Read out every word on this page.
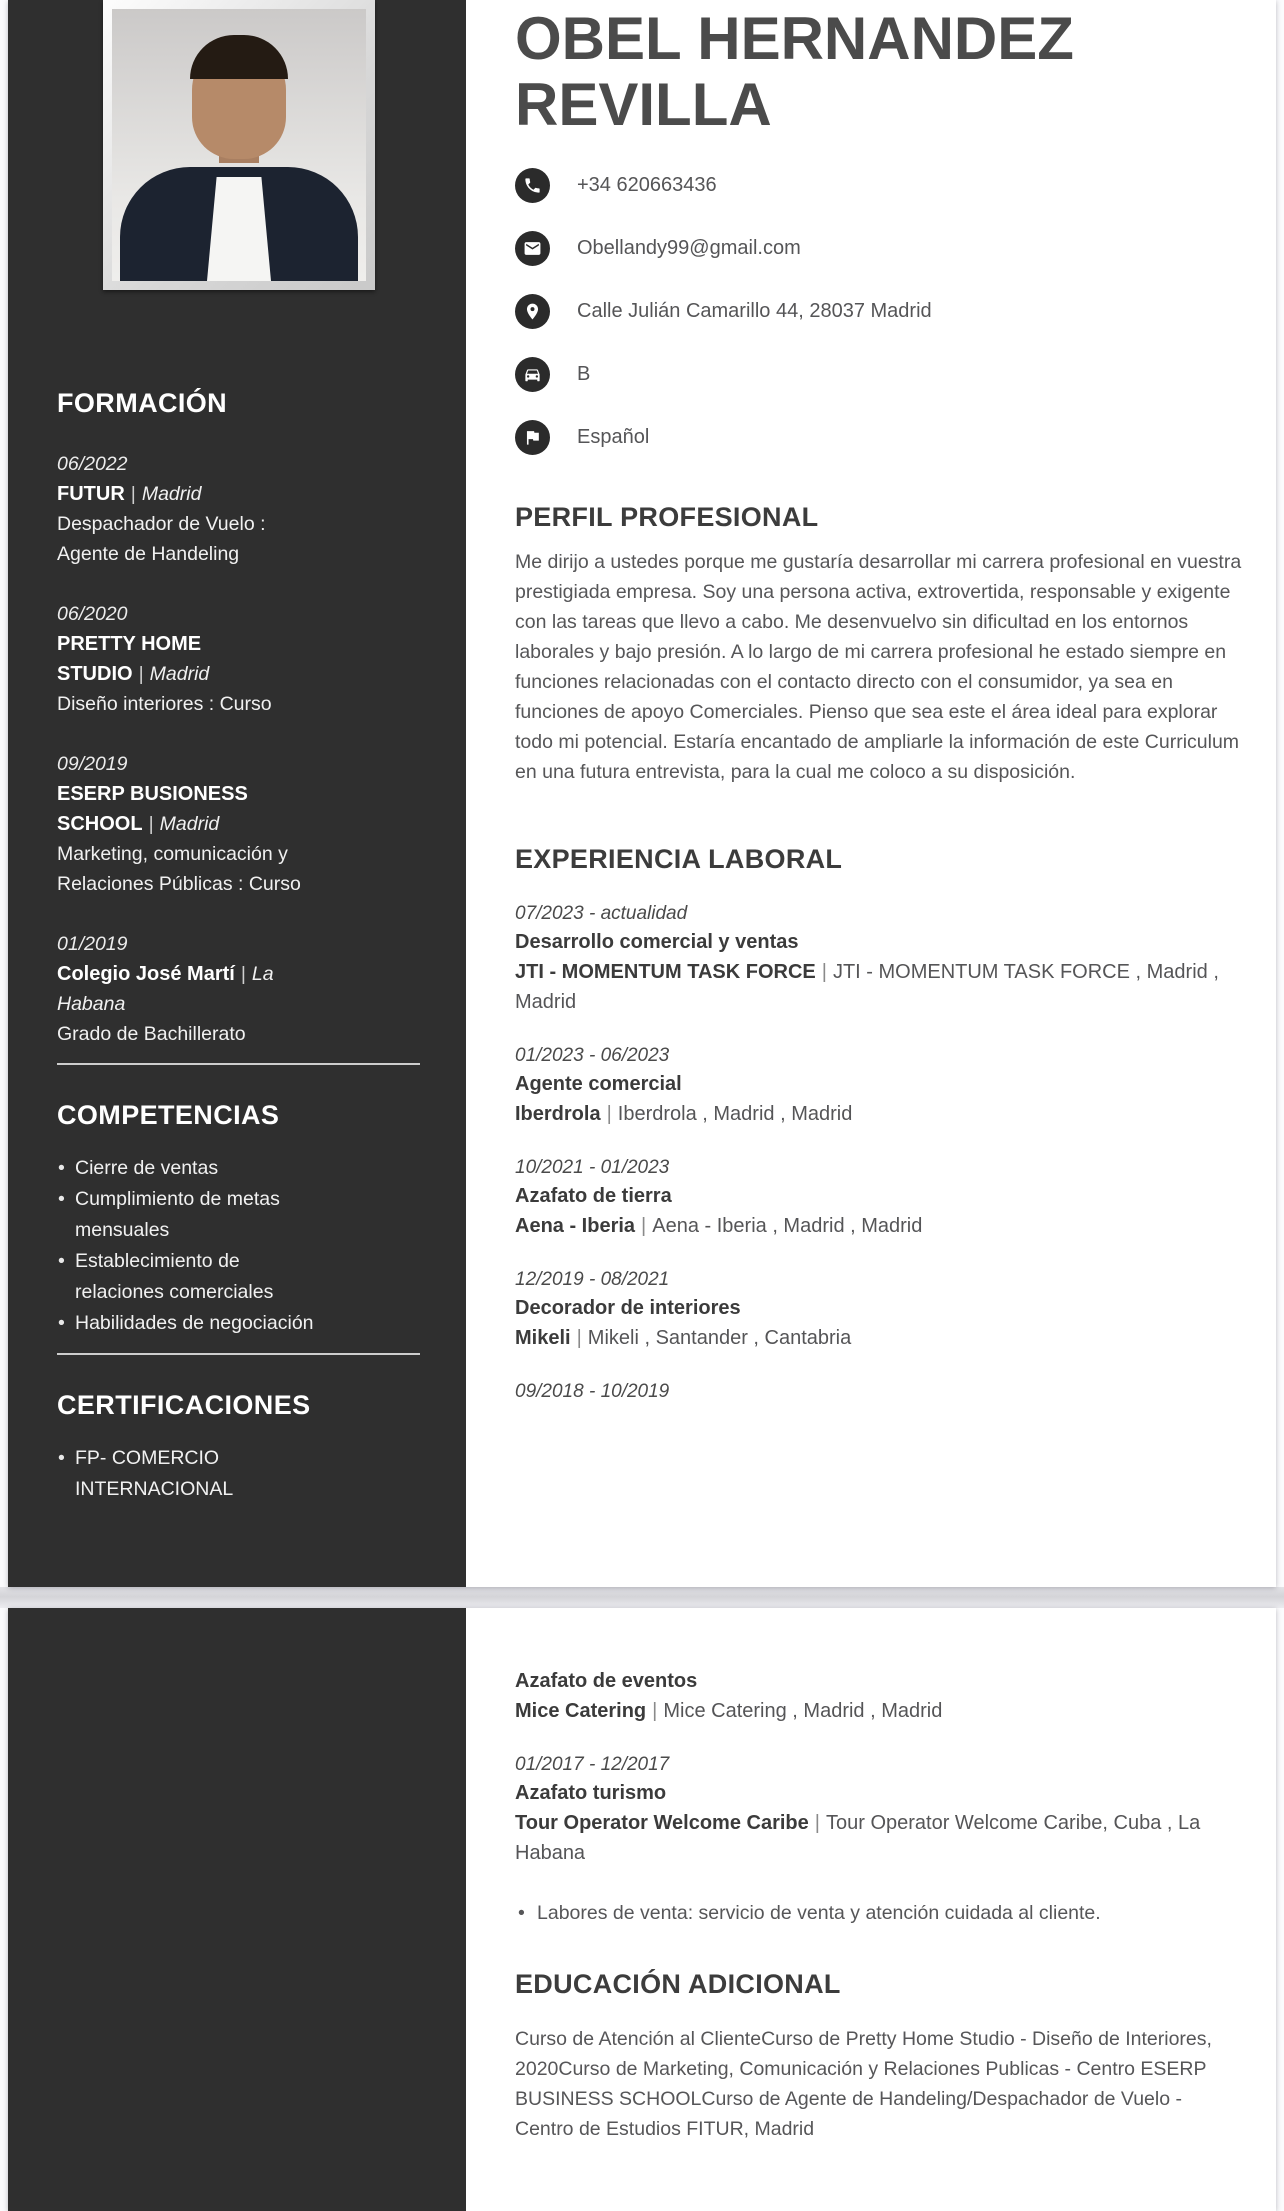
FORMACIÓN
06/2022
FUTUR | Madrid
Despachador de Vuelo : Agente de Handeling
06/2020
PRETTY HOME STUDIO | Madrid
Diseño interiores : Curso
09/2019
ESERP BUSIONESS SCHOOL | Madrid
Marketing, comunicación y Relaciones Públicas : Curso
01/2019
Colegio José Martí | La Habana
Grado de Bachillerato
COMPETENCIAS
• Cierre de ventas
• Cumplimiento de metas mensuales
• Establecimiento de relaciones comerciales
• Habilidades de negociación
CERTIFICACIONES
• FP- COMERCIO INTERNACIONAL
OBEL HERNANDEZ
REVILLA
+34 620663436
Obellandy99@gmail.com
Calle Julián Camarillo 44, 28037 Madrid
B
Español
PERFIL PROFESIONAL

Me dirijo a ustedes porque me gustaría desarrollar mi carrera profesional en vuestra prestigiada empresa. Soy una persona activa, extrovertida, responsable y exigente con las tareas que llevo a cabo. Me desenvuelvo sin dificultad en los entornos laborales y bajo presión. A lo largo de mi carrera profesional he estado siempre en funciones relacionadas con el contacto directo con el consumidor, ya sea en funciones de apoyo Comerciales. Pienso que sea este el área ideal para explorar todo mi potencial. Estaría encantado de ampliarle la información de este Curriculum en una futura entrevista, para la cual me coloco a su disposición.

EXPERIENCIA LABORAL
07/2023 - actualidad
Desarrollo comercial y ventas
JTI - MOMENTUM TASK FORCE | JTI - MOMENTUM TASK FORCE , Madrid , Madrid
01/2023 - 06/2023
Agente comercial
Iberdrola | Iberdrola , Madrid , Madrid
10/2021 - 01/2023
Azafato de tierra
Aena - Iberia | Aena - Iberia , Madrid , Madrid
12/2019 - 08/2021
Decorador de interiores
Mikeli | Mikeli , Santander , Cantabria
09/2018 - 10/2019
Azafato de eventos
Mice Catering | Mice Catering , Madrid , Madrid
01/2017 - 12/2017
Azafato turismo
Tour Operator Welcome Caribe | Tour Operator Welcome Caribe, Cuba , La Habana
• Labores de venta: servicio de venta y atención cuidada al cliente.
EDUCACIÓN ADICIONAL

Curso de Atención al ClienteCurso de Pretty Home Studio - Diseño de Interiores, 2020Curso de Marketing, Comunicación y Relaciones Publicas - Centro ESERP BUSINESS SCHOOLCurso de Agente de Handeling/Despachador de Vuelo - Centro de Estudios FITUR, Madrid
